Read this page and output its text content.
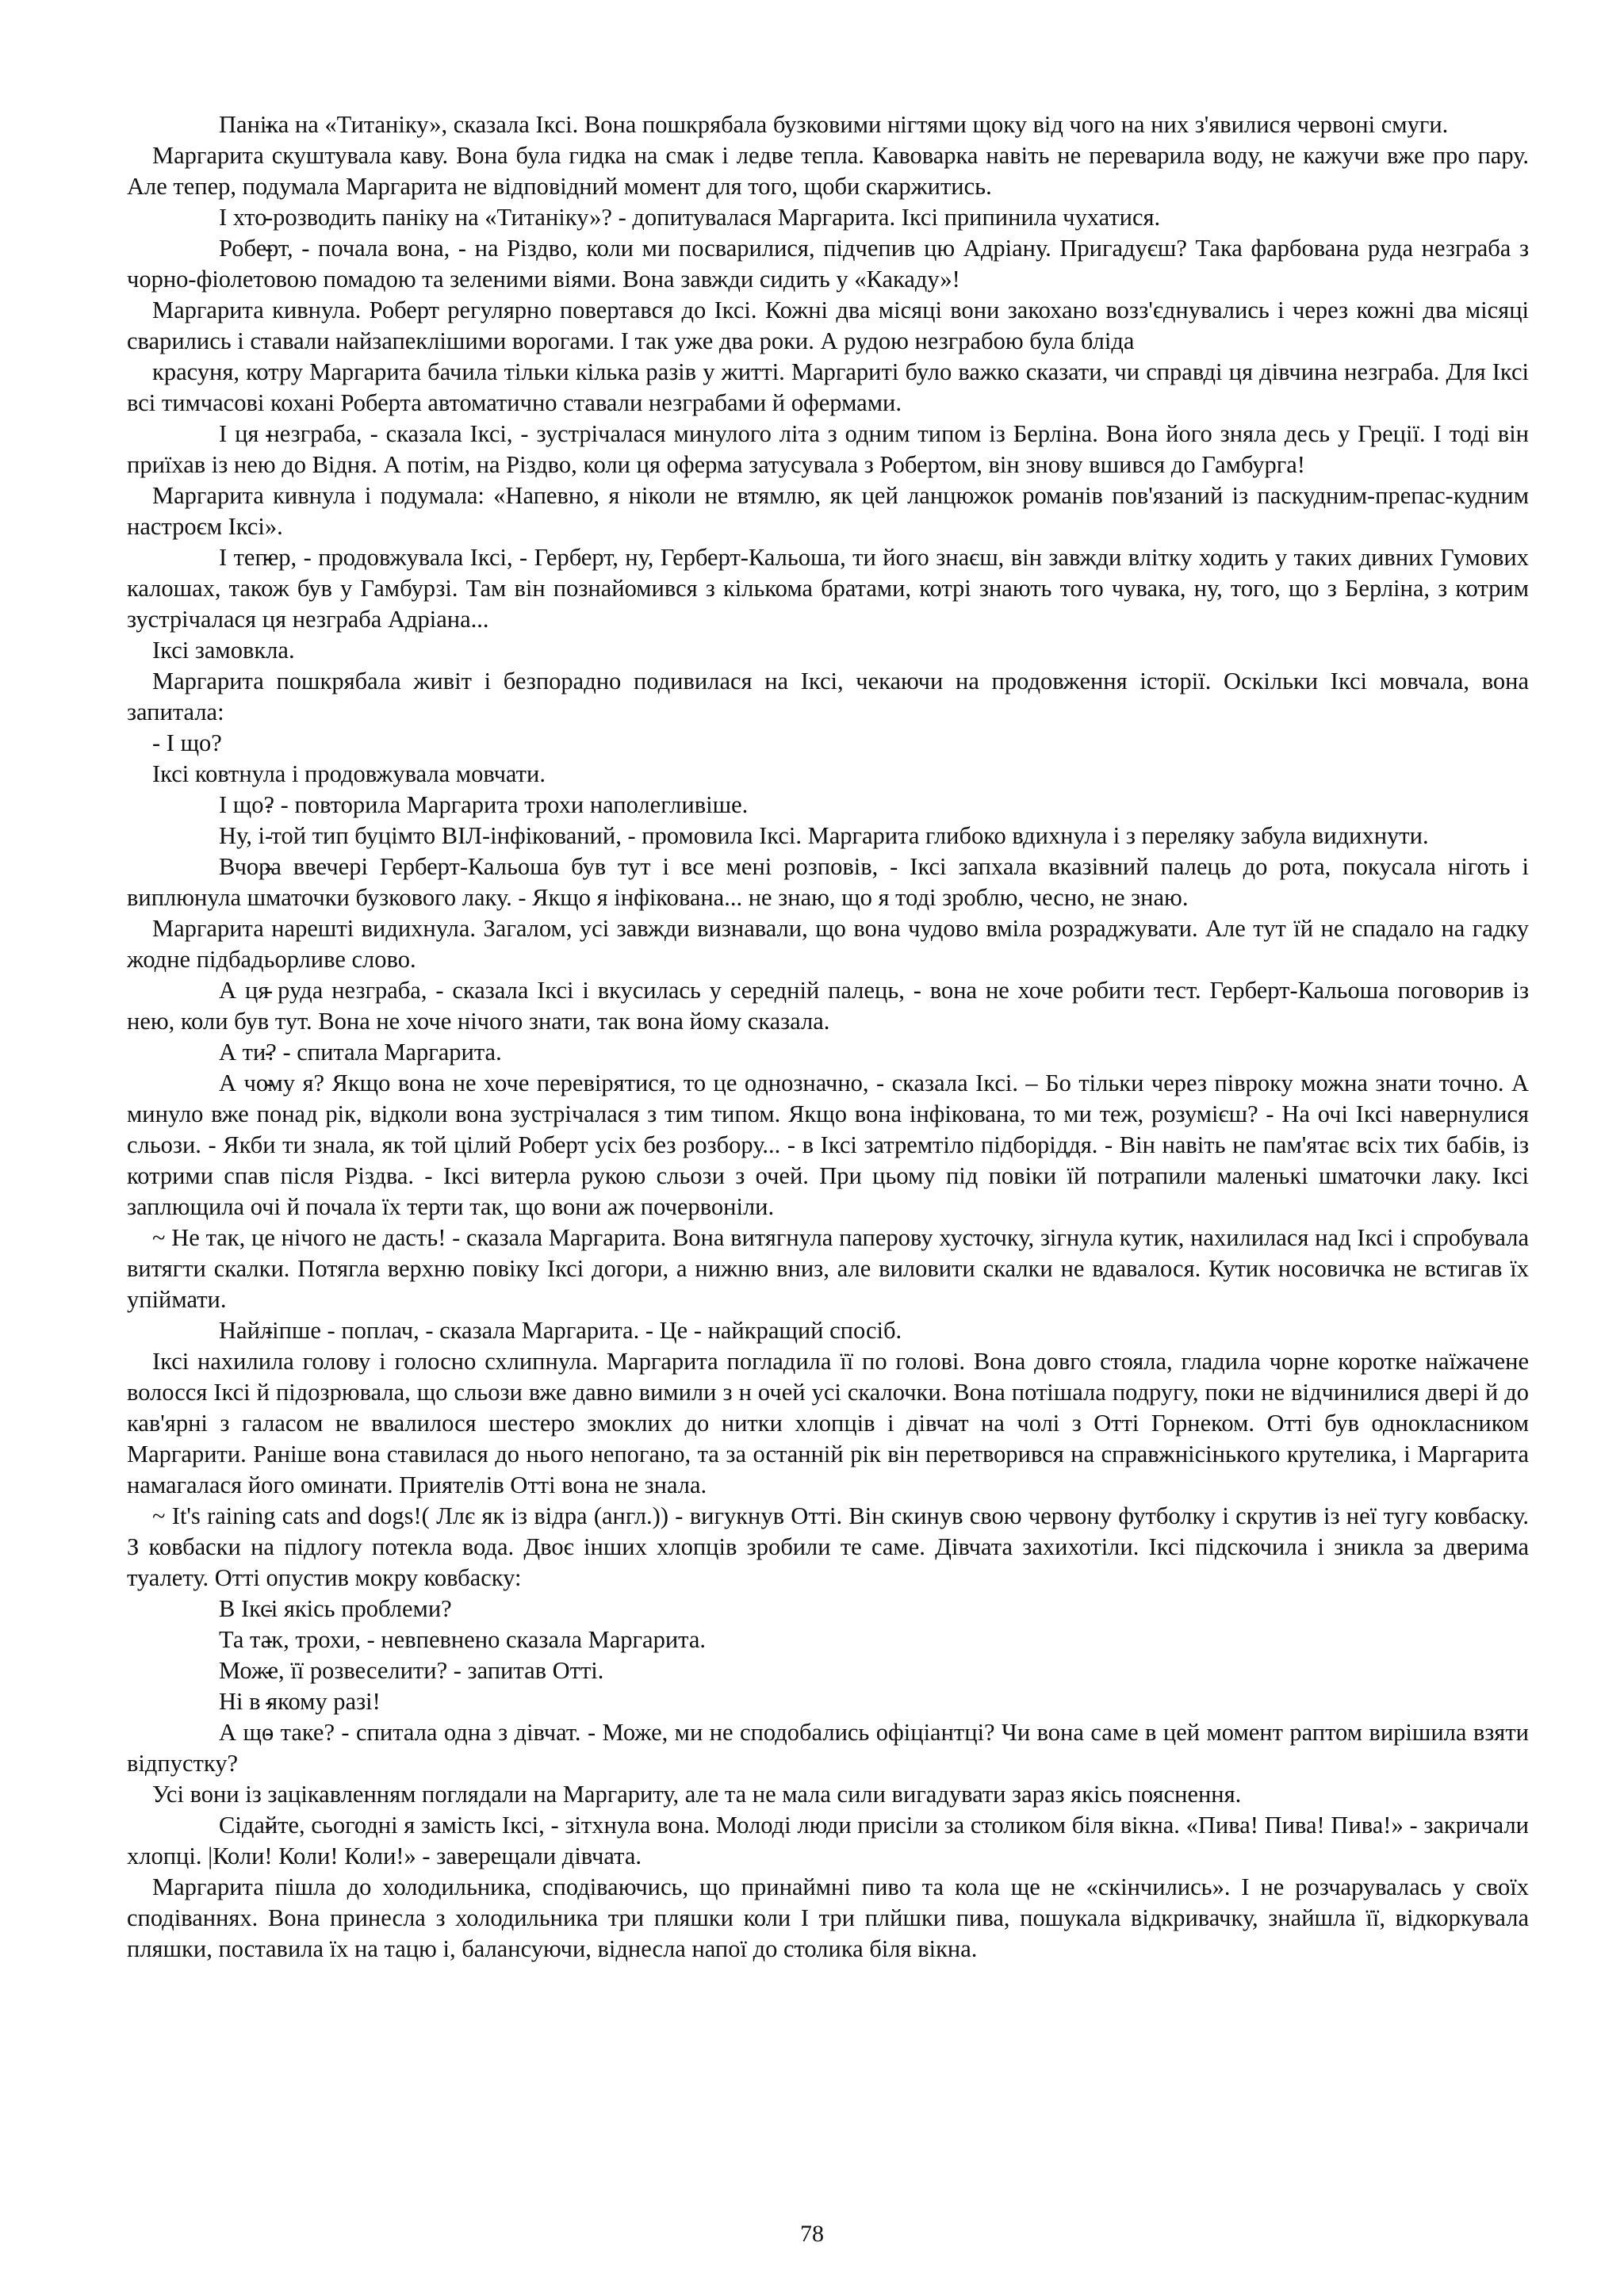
- Паніка на «Титаніку», сказала Іксі. Вона пошкрябала бузковими нігтями щоку від чого на них з'явилися червоні смуги.

Маргарита скуштувала каву. Вона була гидка на смак і ледве тепла. Кавоварка навіть не переварила воду, не кажучи вже про пару. Але тепер, подумала Маргарита не відповідний момент для того, щоби скаржитись.

- І хто розводить паніку на «Титаніку»? - допитувалася Маргарита. Іксі припинила чухатися.

- Роберт, - почала вона, - на Різдво, коли ми посварилися, підчепив цю Адріану. Пригадуєш? Така фарбована руда незграба з чорно-фіолетовою помадою та зеленими віями. Вона завжди сидить у «Какаду»!

Маргарита кивнула. Роберт регулярно повертався до Іксі. Кожні два місяці вони закохано возз'єднувались і через кожні два місяці сварились і ставали найзапеклішими ворогами. І так уже два роки. А рудою незграбою була бліда

красуня, котру Маргарита бачила тільки кілька разів у житті. Маргариті було важко сказати, чи справді ця дівчина незграба. Для Іксі всі тимчасові кохані Роберта автоматично ставали незграбами й офермами.

- І ця незграба, - сказала Іксі, - зустрічалася минулого літа з одним типом із Берліна. Вона його зняла десь у Греції. І тоді він приїхав із нею до Відня. А потім, на Різдво, коли ця оферма затусувала з Робертом, він знову вшився до Гамбурга!

Маргарита кивнула і подумала: «Напевно, я ніколи не втямлю, як цей ланцюжок романів пов'язаний із паскудним-препас-кудним настроєм Іксі».

- І тепер, - продовжувала Іксі, - Герберт, ну, Герберт-Кальоша, ти його знаєш, він завжди влітку ходить у таких дивних Гумових калошах, також був у Гамбурзі. Там він познайомився з кількома братами, котрі знають того чувака, ну, того, що з Берліна, з котрим зустрічалася ця незграба Адріана...

Іксі замовкла.

Маргарита пошкрябала живіт і безпорадно подивилася на Іксі, чекаючи на продовження історії. Оскільки Іксі мовчала, вона запитала:

- І що?

Іксі ковтнула і продовжувала мовчати.

- І що? - повторила Маргарита трохи наполегливіше.

- Ну, і той тип буцімто ВІЛ-інфікований, - промовила Іксі. Маргарита глибоко вдихнула і з переляку забула видихнути.

- Вчора ввечері Герберт-Кальоша був тут і все мені розповів, - Іксі запхала вказівний палець до рота, покусала ніготь і виплюнула шматочки бузкового лаку. - Якщо я інфікована... не знаю, що я тоді зроблю, чесно, не знаю.

Маргарита нарешті видихнула. Загалом, усі завжди визнавали, що вона чудово вміла розраджувати. Але тут їй не спадало на гадку жодне підбадьорливе слово.

- А ця руда незграба, - сказала Іксі і вкусилась у середній палець, - вона не хоче робити тест. Герберт-Кальоша поговорив із нею, коли був тут. Вона не хоче нічого знати, так вона йому сказала.

- А ти? - спитала Маргарита.

- А чому я? Якщо вона не хоче перевірятися, то це однозначно, - сказала Іксі. – Бо тільки через півроку можна знати точно. А минуло вже понад рік, відколи вона зустрічалася з тим типом. Якщо вона інфікована, то ми теж, розумієш? - На очі Іксі навернулися сльози. - Якби ти знала, як той цілий Роберт усіх без розбору... - в Іксі затремтіло підборіддя. - Він навіть не пам'ятає всіх тих бабів, із котрими спав після Різдва. - Іксі витерла рукою сльози з очей. При цьому під повіки їй потрапили маленькі шматочки лаку. Іксі заплющила очі й почала їх терти так, що вони аж почервоніли.

~ Не так, це нічого не дасть! - сказала Маргарита. Вона витягнула паперову хусточку, зігнула кутик, нахилилася над Іксі і спробувала витягти скалки. Потягла верхню повіку Іксі догори, а нижню вниз, але виловити скалки не вдавалося. Кутик носовичка не встигав їх упіймати.

- Найліпше - поплач, - сказала Маргарита. - Це - найкращий спосіб.

Іксі нахилила голову і голосно схлипнула. Маргарита погладила її по голові. Вона довго стояла, гладила чорне коротке наїжачене волосся Іксі й підозрювала, що сльози вже давно вимили з н очей усі скалочки. Вона потішала подругу, поки не відчинилися двері й до кав'ярні з галасом не ввалилося шестеро змоклих до нитки хлопців і дівчат на чолі з Отті Горнеком. Отті був однокласником Маргарити. Раніше вона ставилася до нього непогано, та за останній рік він перетворився на справжнісінького крутелика, і Маргарита намагалася його оминати. Приятелів Отті вона не знала.

~ It's raining cats and dogs!( Ллє як із відра (англ.)) - вигукнув Отті. Він скинув свою червону футболку і скрутив із неї тугу ковбаску. З ковбаски на підлогу потекла вода. Двоє інших хлопців зробили те саме. Дівчата захихотіли. Іксі підскочила і зникла за дверима туалету. Отті опустив мокру ковбаску:

- В Іксі якісь проблеми?

- Та так, трохи, - невпевнено сказала Маргарита.

- Може, її розвеселити? - запитав Отті.

- Ні в якому разі!

- А що таке? - спитала одна з дівчат. - Може, ми не сподобались офіціантці? Чи вона саме в цей момент раптом вирішила взяти відпустку?

Усі вони із зацікавленням поглядали на Маргариту, але та не мала сили вигадувати зараз якісь пояснення.

- Сідайте, сьогодні я замість Іксі, - зітхнула вона. Молоді люди присіли за столиком біля вікна. «Пива! Пива! Пива!» - закричали хлопці. |Коли! Коли! Коли!» - заверещали дівчата.

Маргарита пішла до холодильника, сподіваючись, що принаймні пиво та кола ще не «скінчились». І не розчарувалась у своїх сподіваннях. Вона принесла з холодильника три пляшки коли І три плйшки пива, пошукала відкривачку, знайшла її, відкоркувала пляшки, поставила їх на тацю і, балансуючи, віднесла напої до столика біля вікна.

78
